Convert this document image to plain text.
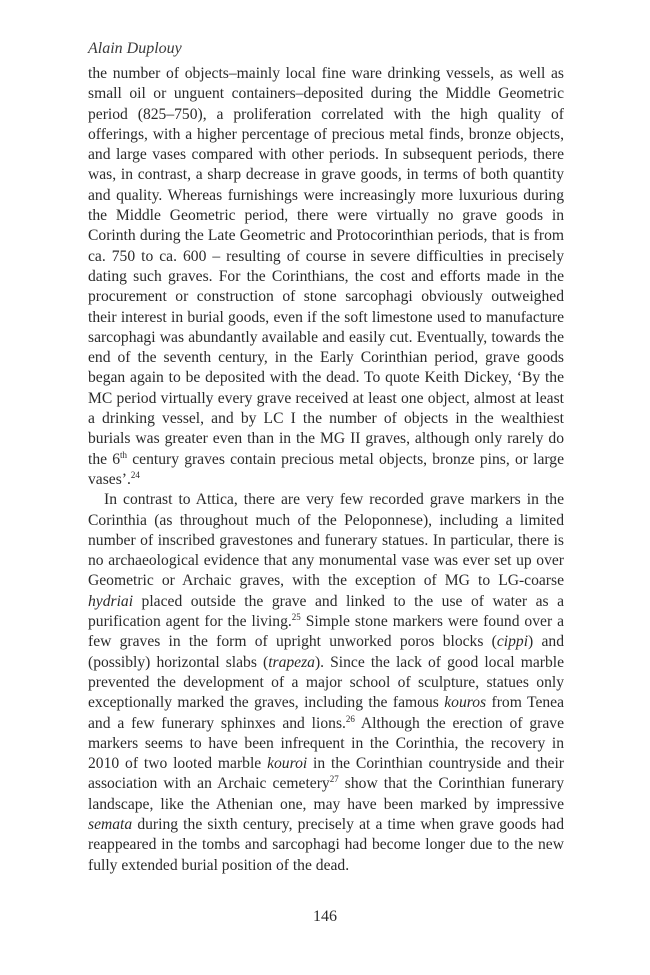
Alain Duplouy

the number of objects–mainly local fine ware drinking vessels, as well as small oil or unguent containers–deposited during the Middle Geometric period (825–750), a proliferation correlated with the high quality of offerings, with a higher percentage of precious metal finds, bronze objects, and large vases compared with other periods. In subsequent periods, there was, in contrast, a sharp decrease in grave goods, in terms of both quantity and quality. Whereas furnishings were increasingly more luxurious during the Middle Geometric period, there were virtually no grave goods in Corinth during the Late Geometric and Protocorinthian periods, that is from ca. 750 to ca. 600 – resulting of course in severe difficulties in precisely dating such graves. For the Corinthians, the cost and efforts made in the procurement or construction of stone sarcophagi obviously outweighed their interest in burial goods, even if the soft limestone used to manufacture sarcophagi was abundantly available and easily cut. Eventually, towards the end of the seventh century, in the Early Corinthian period, grave goods began again to be deposited with the dead. To quote Keith Dickey, ‘By the MC period virtually every grave received at least one object, almost at least a drinking vessel, and by LC I the number of objects in the wealthiest burials was greater even than in the MG II graves, although only rarely do the 6th century graves contain precious metal objects, bronze pins, or large vases’.$^{24}$

In contrast to Attica, there are very few recorded grave markers in the Corinthia (as throughout much of the Peloponnese), including a limited number of inscribed gravestones and funerary statues. In particular, there is no archaeological evidence that any monumental vase was ever set up over Geometric or Archaic graves, with the exception of MG to LG-coarse hydriai placed outside the grave and linked to the use of water as a purification agent for the living.$^{25}$ Simple stone markers were found over a few graves in the form of upright unworked poros blocks (cippi) and (possibly) horizontal slabs (trapeza). Since the lack of good local marble prevented the development of a major school of sculpture, statues only exceptionally marked the graves, including the famous kouros from Tenea and a few funerary sphinxes and lions.$^{26}$ Although the erection of grave markers seems to have been infrequent in the Corinthia, the recovery in 2010 of two looted marble kouroi in the Corinthian countryside and their association with an Archaic cemetery$^{27}$ show that the Corinthian funerary landscape, like the Athenian one, may have been marked by impressive semata during the sixth century, precisely at a time when grave goods had reappeared in the tombs and sarcophagi had become longer due to the new fully extended burial position of the dead.

146
